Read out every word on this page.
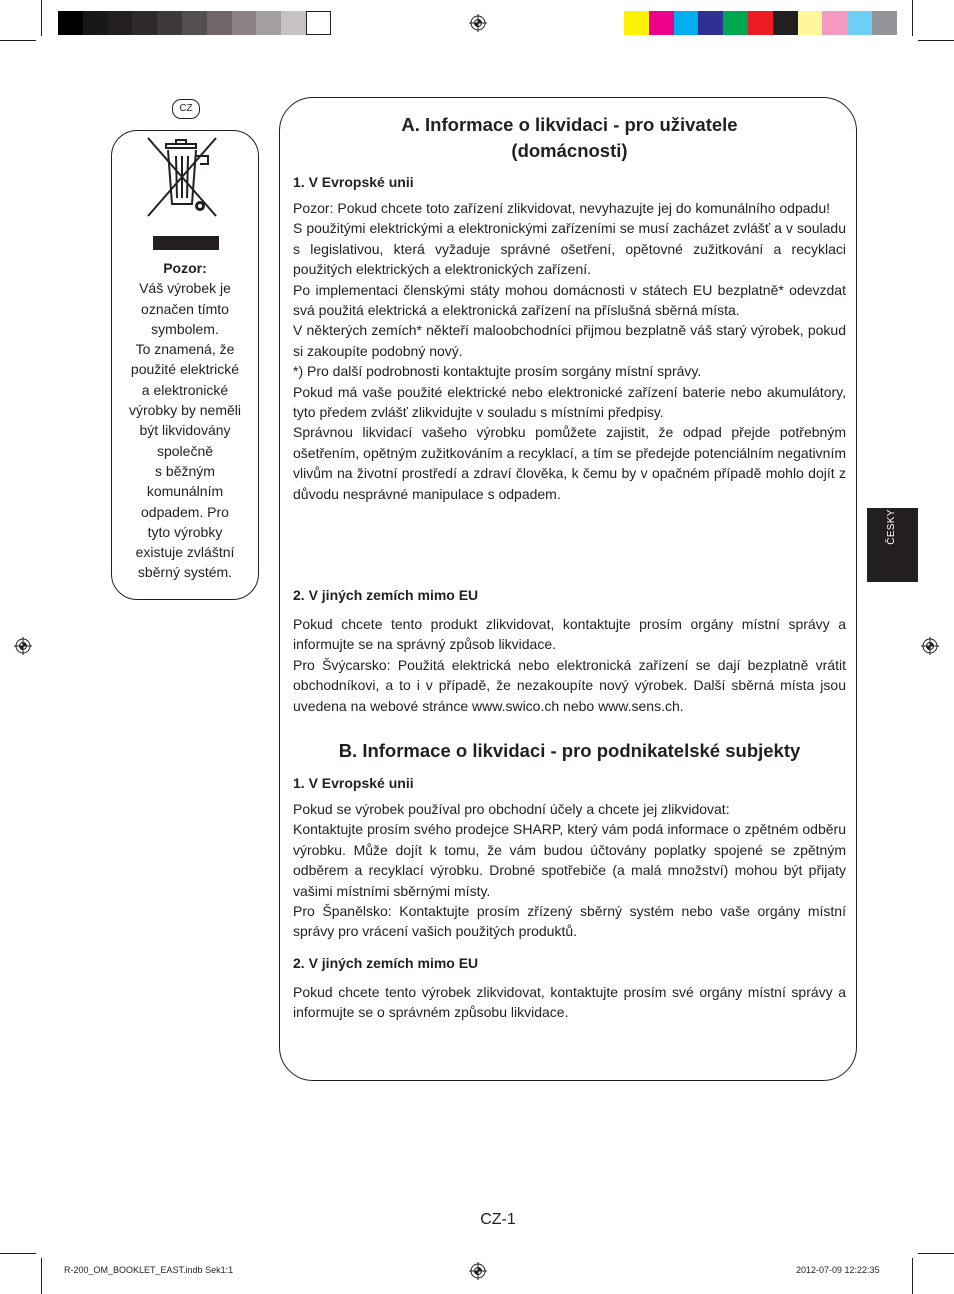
CZ
Pozor:
Váš výrobek je
označen tímto
symbolem.
To znamená, že
použité elektrické
a elektronické
výrobky by neměli
být likvidovány
společně
s běžným
komunálním
odpadem. Pro
tyto výrobky
existuje zvláštní
sběrný systém.
A. Informace o likvidaci - pro uživatele
(domácnosti)
1. V Evropské unii

Pozor: Pokud chcete toto zařízení zlikvidovat, nevyhazujte jej do komunálního odpadu!

S použitými elektrickými a elektronickými zařízeními se musí zacházet zvlášť a v souladu s legislativou, která vyžaduje správné ošetření, opětovné zužitkování a recyklaci použitých elektrických a elektronických zařízení.

Po implementaci členskými státy mohou domácnosti v státech EU bezplatně* odevzdat svá použitá elektrická a elektronická zařízení na příslušná sběrná místa.

V některých zemích* někteří maloobchodníci přijmou bezplatně váš starý výrobek, pokud si zakoupíte podobný nový.

*) Pro další podrobnosti kontaktujte prosím sorgány místní správy.

Pokud má vaše použité elektrické nebo elektronické zařízení baterie nebo akumulátory, tyto předem zvlášť zlikvidujte v souladu s místními předpisy.

Správnou likvidací vašeho výrobku pomůžete zajistit, že odpad přejde potřebným ošetřením, opětným zužitkováním a recyklací, a tím se předejde potenciálním negativním vlivům na životní prostředí a zdraví člověka, k čemu by v opačném případě mohlo dojít z důvodu nesprávné manipulace s odpadem.

2. V jiných zemích mimo EU

Pokud chcete tento produkt zlikvidovat, kontaktujte prosím orgány místní správy a informujte se na správný způsob likvidace.

Pro Švýcarsko: Použitá elektrická nebo elektronická zařízení se dají bezplatně vrátit obchodníkovi, a to i v případě, že nezakoupíte nový výrobek. Další sběrná místa jsou uvedena na webové stránce www.swico.ch nebo www.sens.ch.

B. Informace o likvidaci - pro podnikatelské subjekty
1. V Evropské unii

Pokud se výrobek používal pro obchodní účely a chcete jej zlikvidovat:

Kontaktujte prosím svého prodejce SHARP, který vám podá informace o zpětném odběru výrobku. Může dojít k tomu, že vám budou účtovány poplatky spojené se zpětným odběrem a recyklací výrobku. Drobné spotřebiče (a malá množství) mohou být přijaty vašimi místními sběrnými místy.

Pro Španělsko: Kontaktujte prosím zřízený sběrný systém nebo vaše orgány místní správy pro vrácení vašich použitých produktů.

2. V jiných zemích mimo EU

Pokud chcete tento výrobek zlikvidovat, kontaktujte prosím své orgány místní správy a informujte se o správném způsobu likvidace.

ČESKY
CZ-1
R-200_OM_BOOKLET_EAST.indb Sek1:1	2012-07-09 12:22:35
